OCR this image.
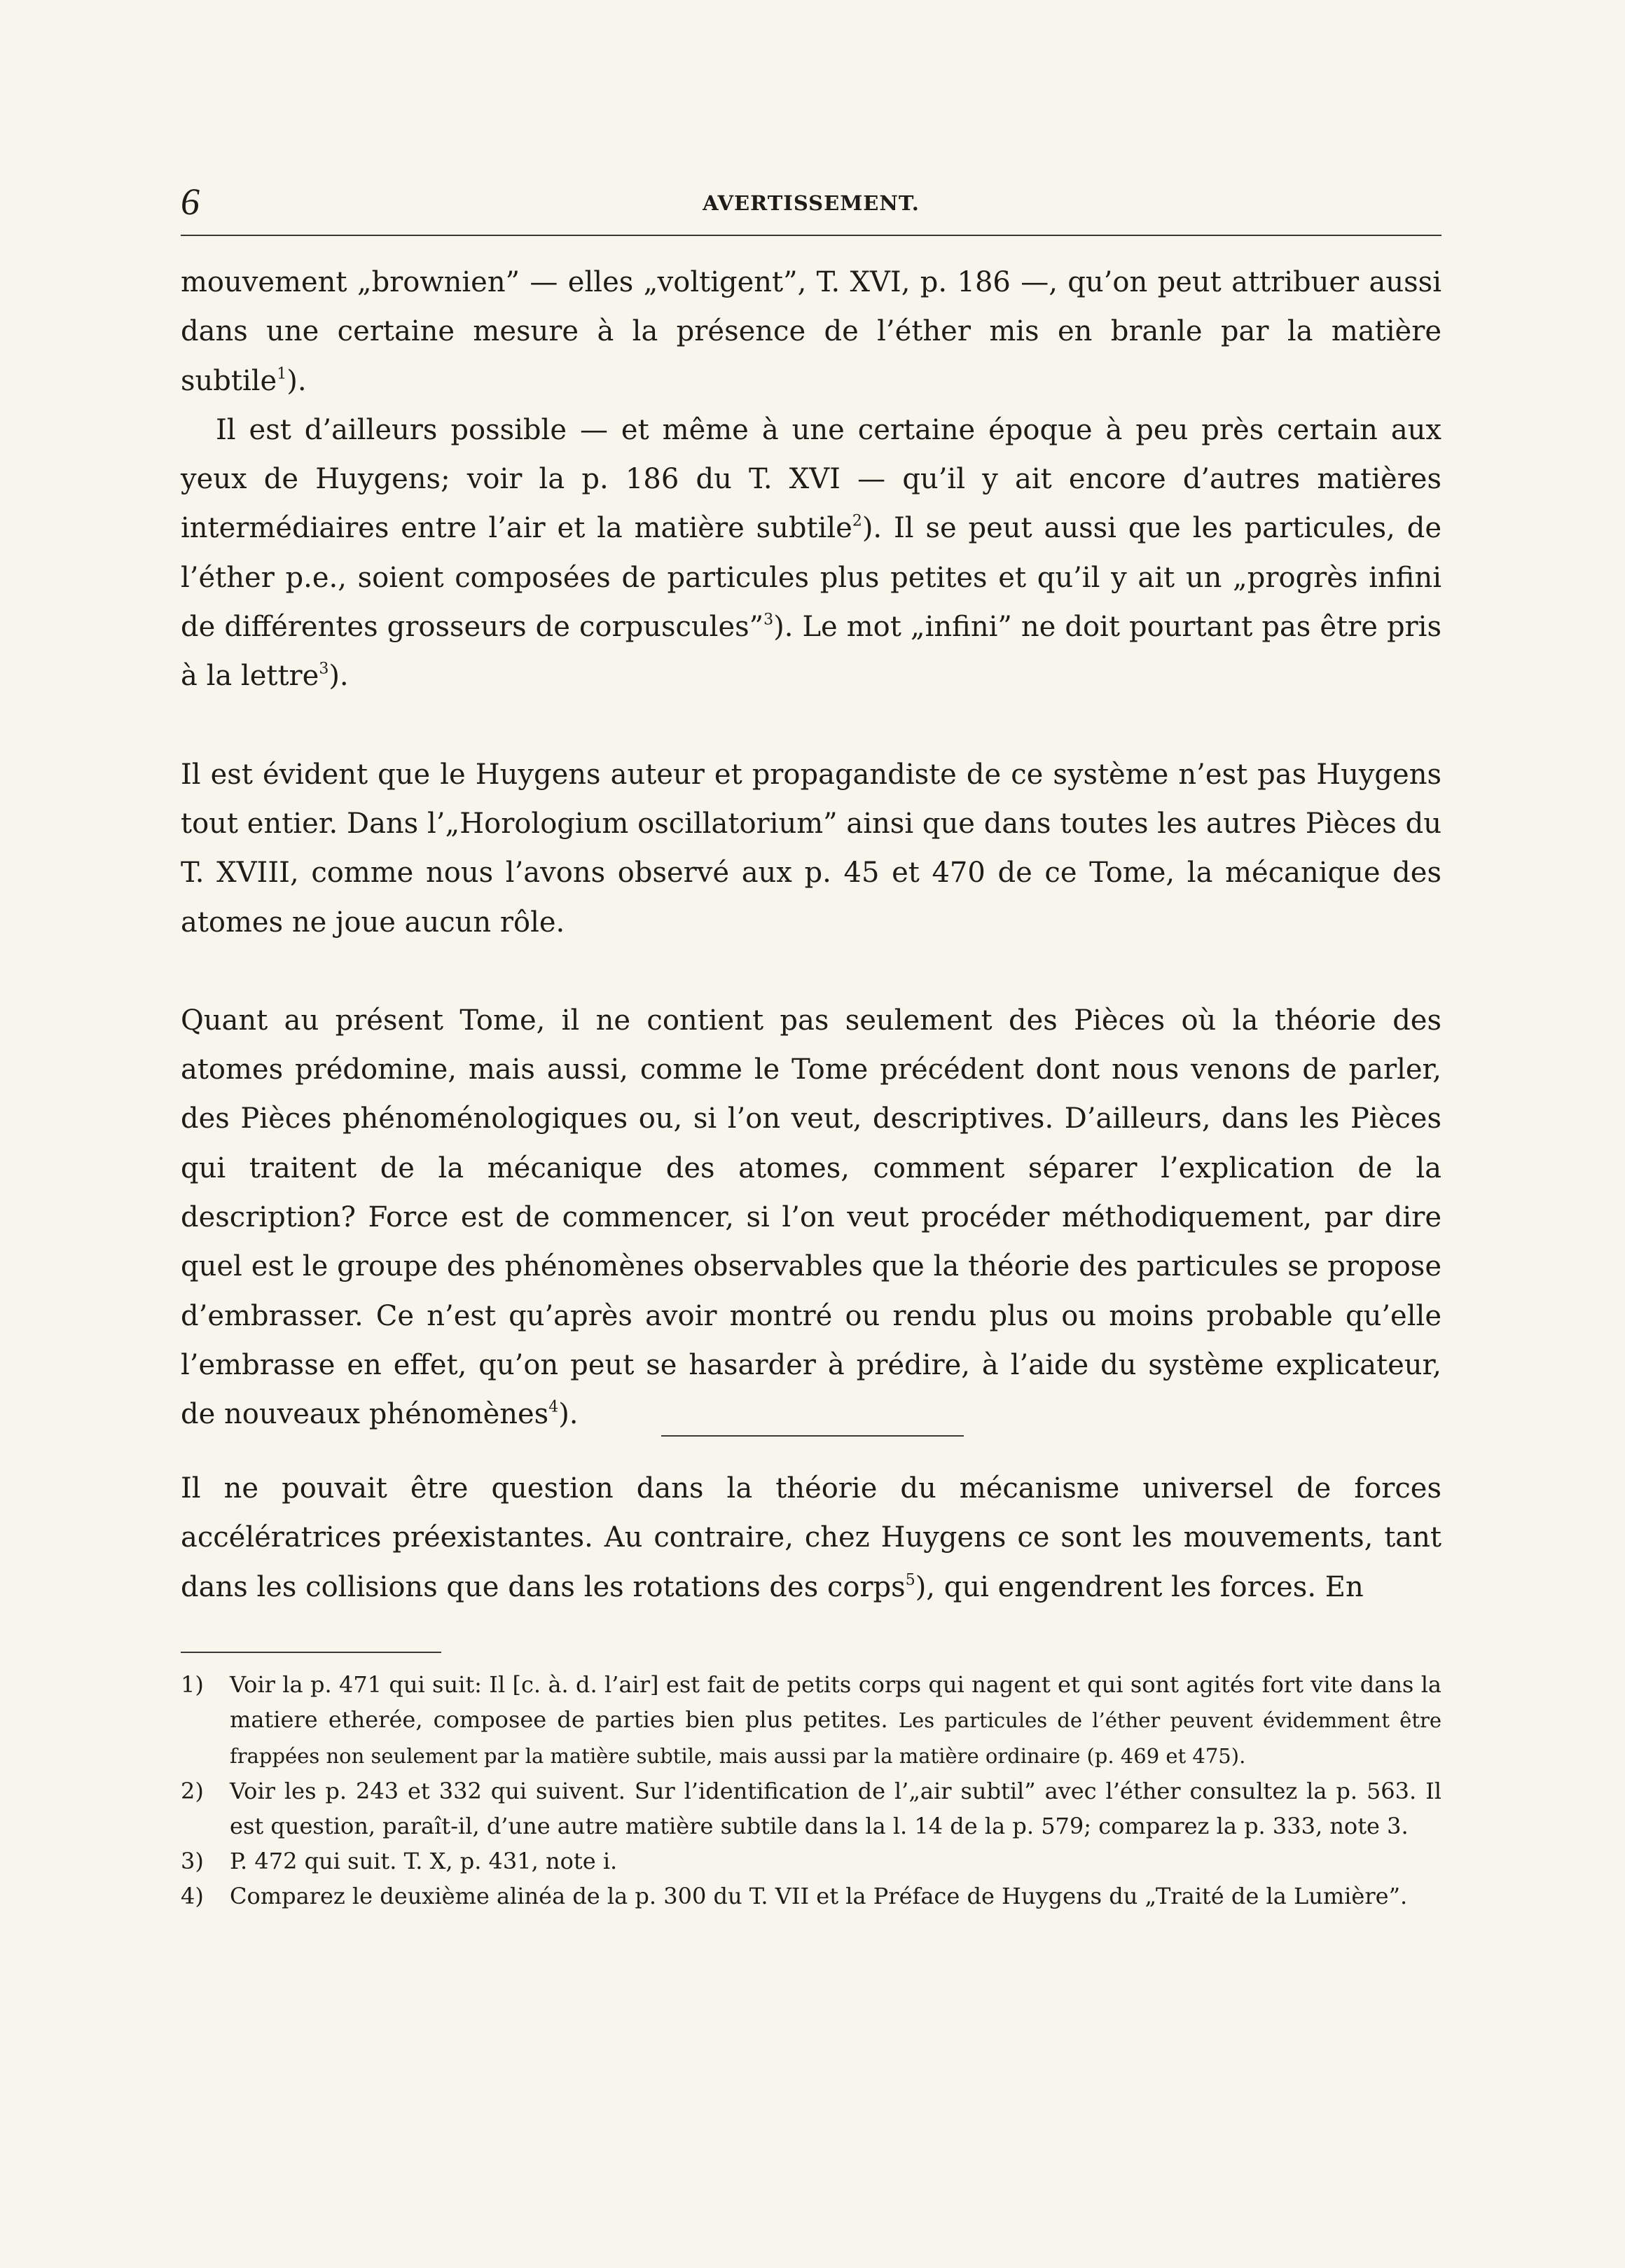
6	AVERTISSEMENT.

mouvement „brownien” — elles „voltigent”, T. XVI, p. 186 —, qu’on peut attribuer aussi dans une certaine mesure à la présence de l’éther mis en branle par la matière subtile$^1$).

Il est d’ailleurs possible — et même à une certaine époque à peu près certain aux yeux de Huygens; voir la p. 186 du T. XVI — qu’il y ait encore d’autres matières intermédiaires entre l’air et la matière subtile$^2$). Il se peut aussi que les particules, de l’éther p.e., soient composées de particules plus petites et qu’il y ait un „progrès infini de différentes grosseurs de corpuscules”$^3$). Le mot „infini” ne doit pourtant pas être pris à la lettre$^3$).

Il est évident que le Huygens auteur et propagandiste de ce système n’est pas Huygens tout entier. Dans l’„Horologium oscillatorium” ainsi que dans toutes les autres Pièces du T. XVIII, comme nous l’avons observé aux p. 45 et 470 de ce Tome, la mécanique des atomes ne joue aucun rôle.

Quant au présent Tome, il ne contient pas seulement des Pièces où la théorie des atomes prédomine, mais aussi, comme le Tome précédent dont nous venons de parler, des Pièces phénoménologiques ou, si l’on veut, descriptives. D’ailleurs, dans les Pièces qui traitent de la mécanique des atomes, comment séparer l’explication de la description? Force est de commencer, si l’on veut procéder méthodiquement, par dire quel est le groupe des phénomènes observables que la théorie des particules se propose d’embrasser. Ce n’est qu’après avoir montré ou rendu plus ou moins probable qu’elle l’embrasse en effet, qu’on peut se hasarder à prédire, à l’aide du système explicateur, de nouveaux phénomènes$^4$).

Il ne pouvait être question dans la théorie du mécanisme universel de forces accélératrices préexistantes. Au contraire, chez Huygens ce sont les mouvements, tant dans les collisions que dans les rotations des corps$^5$), qui engendrent les forces. En

1) Voir la p. 471 qui suit: Il [c. à. d. l’air] est fait de petits corps qui nagent et qui sont agités fort vite dans la matiere etherée, composee de parties bien plus petites. Les particules de l’éther peuvent évidemment être frappées non seulement par la matière subtile, mais aussi par la matière ordinaire (p. 469 et 475).

2) Voir les p. 243 et 332 qui suivent. Sur l’identification de l’„air subtil” avec l’éther consultez la p. 563. Il est question, paraît-il, d’une autre matière subtile dans la l. 14 de la p. 579; comparez la p. 333, note 3.

3) P. 472 qui suit. T. X, p. 431, note i.

4) Comparez le deuxième alinéa de la p. 300 du T. VII et la Préface de Huygens du „Traité de la Lumière”.
